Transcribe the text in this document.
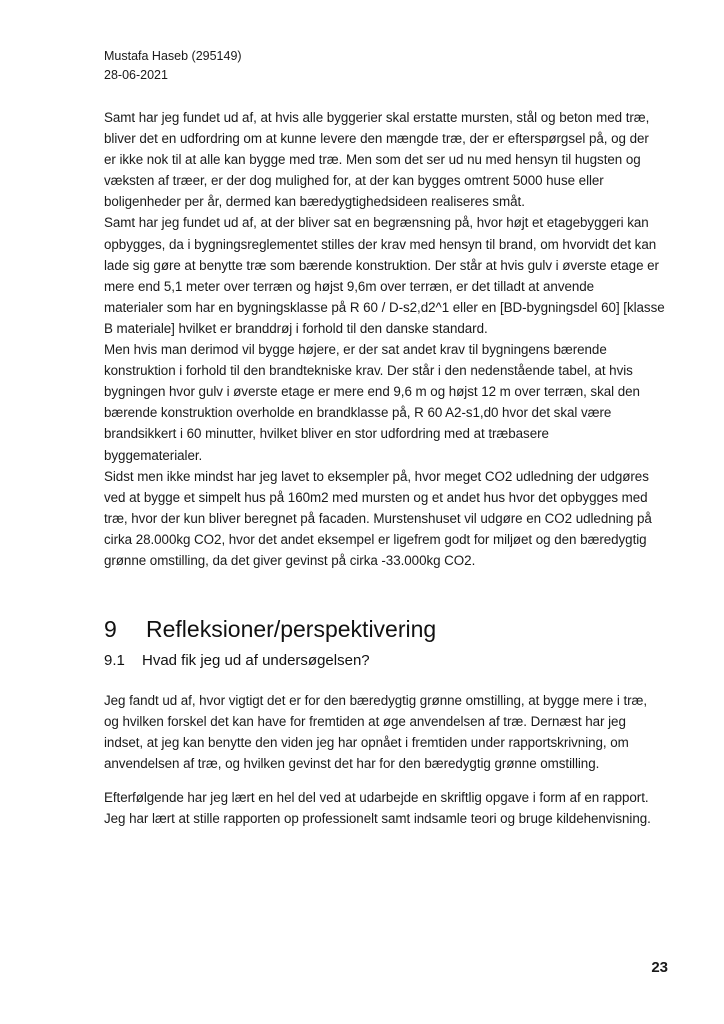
Mustafa Haseb (295149)
28-06-2021

Samt har jeg fundet ud af, at hvis alle byggerier skal erstatte mursten, stål og beton med træ,

bliver det en udfordring om at kunne levere den mængde træ, der er efterspørgsel på, og der

er ikke nok til at alle kan bygge med træ. Men som det ser ud nu med hensyn til hugsten og

væksten af træer, er der dog mulighed for, at der kan bygges omtrent 5000 huse eller

boligenheder per år, dermed kan bæredygtighedsideen realiseres småt.

Samt har jeg fundet ud af, at der bliver sat en begrænsning på, hvor højt et etagebyggeri kan

opbygges, da i bygningsreglementet stilles der krav med hensyn til brand, om hvorvidt det kan

lade sig gøre at benytte træ som bærende konstruktion. Der står at hvis gulv i øverste etage er

mere end 5,1 meter over terræn og højst 9,6m over terræn, er det tilladt at anvende

materialer som har en bygningsklasse på R 60 / D-s2,d2^1 eller en [BD-bygningsdel 60] [klasse

B materiale] hvilket er branddrøj i forhold til den danske standard.

Men hvis man derimod vil bygge højere, er der sat andet krav til bygningens bærende

konstruktion i forhold til den brandtekniske krav. Der står i den nedenstående tabel, at hvis

bygningen hvor gulv i øverste etage er mere end 9,6 m og højst 12 m over terræn, skal den

bærende konstruktion overholde en brandklasse på, R 60 A2-s1,d0 hvor det skal være

brandsikkert i 60 minutter, hvilket bliver en stor udfordring med at træbasere

byggematerialer.

Sidst men ikke mindst har jeg lavet to eksempler på, hvor meget CO2 udledning der udgøres

ved at bygge et simpelt hus på 160m2 med mursten og et andet hus hvor det opbygges med

træ, hvor der kun bliver beregnet på facaden. Murstenshuset vil udgøre en CO2 udledning på

cirka 28.000kg CO2, hvor det andet eksempel er ligefrem godt for miljøet og den bæredygtig

grønne omstilling, da det giver gevinst på cirka -33.000kg CO2.

9 Refleksioner/perspektivering
9.1 Hvad fik jeg ud af undersøgelsen?

Jeg fandt ud af, hvor vigtigt det er for den bæredygtig grønne omstilling, at bygge mere i træ,

og hvilken forskel det kan have for fremtiden at øge anvendelsen af træ. Dernæst har jeg

indset, at jeg kan benytte den viden jeg har opnået i fremtiden under rapportskrivning, om

anvendelsen af træ, og hvilken gevinst det har for den bæredygtig grønne omstilling.

Efterfølgende har jeg lært en hel del ved at udarbejde en skriftlig opgave i form af en rapport.

Jeg har lært at stille rapporten op professionelt samt indsamle teori og bruge kildehenvisning.

23
